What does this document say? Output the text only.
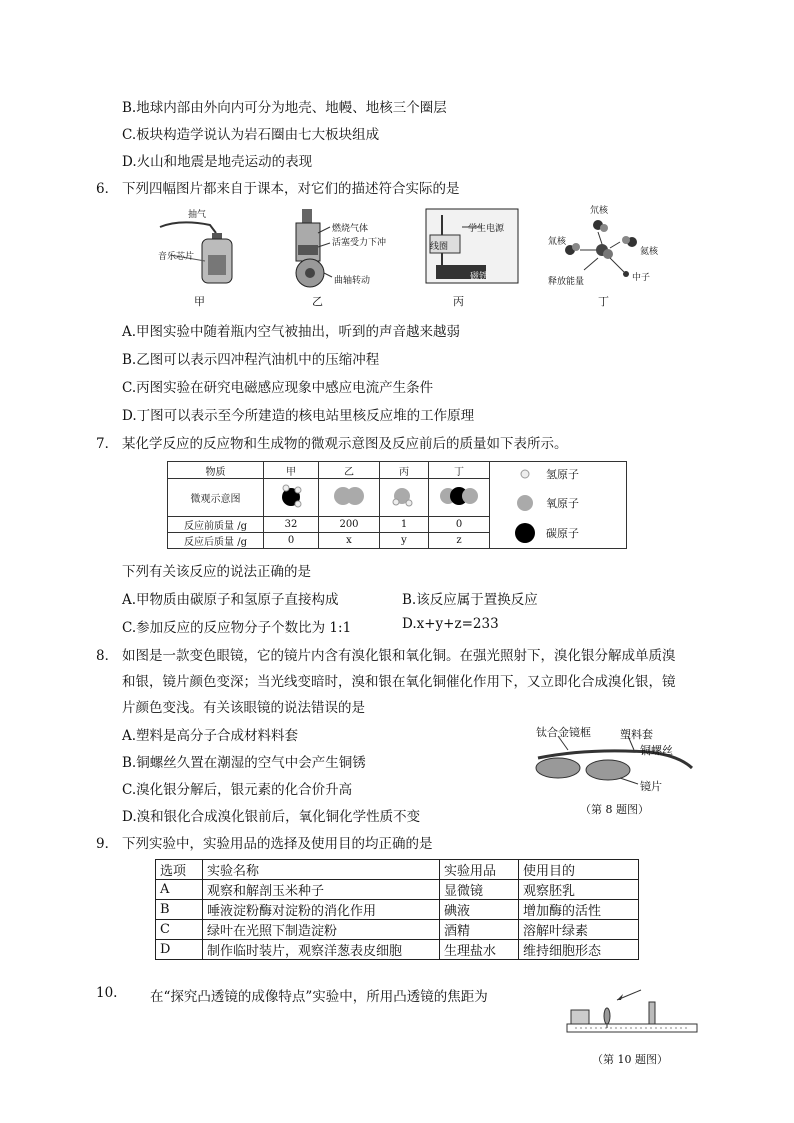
B.地球内部由外向内可分为地壳、地幔、地核三个圈层
C.板块构造学说认为岩石圈由七大板块组成
D.火山和地震是地壳运动的表现
6． 下列四幅图片都来自于课本，对它们的描述符合实际的是
抽气
音乐芯片
甲
燃烧气体
活塞受力下冲
曲轴转动
乙
学生电源
线圈
磁铁
丙
氘核
氚核
氦核
释放能量	中子
丁
A.甲图实验中随着瓶内空气被抽出，听到的声音越来越弱
B.乙图可以表示四冲程汽油机中的压缩冲程
C.丙图实验在研究电磁感应现象中感应电流产生条件
D.丁图可以表示至今所建造的核电站里核反应堆的工作原理
7． 某化学反应的反应物和生成物的微观示意图及反应前后的质量如下表所示。
物质	甲	乙	丙	丁	氢原子
氧原子
碳原子

微观示意图				
反应前质量 /g	32	200	1	0	
反应后质量 /g	0	x	y	z	
下列有关该反应的说法正确的是
A.甲物质由碳原子和氢原子直接构成	B.该反应属于置换反应
C.参加反应的反应物分子个数比为 1:1	D.x+y+z=233
8． 如图是一款变色眼镜，它的镜片内含有溴化银和氧化铜。在强光照射下，溴化银分解成单质溴
和银，镜片颜色变深；当光线变暗时，溴和银在氧化铜催化作用下，又立即化合成溴化银，镜
片颜色变浅。有关该眼镜的说法错误的是
A.塑料是高分子合成材料料套
B.铜螺丝久置在潮湿的空气中会产生铜锈
C.溴化银分解后，银元素的化合价升高
D.溴和银化合成溴化银前后，氧化铜化学性质不变
钛合金镜框	塑料套
铜螺丝
镜片
（第 8 题图）
9． 下列实验中，实验用品的选择及使用目的均正确的是
选项	实验名称	实验用品	使用目的
A	观察和解剖玉米种子	显微镜	观察胚乳
B	唾液淀粉酶对淀粉的消化作用	碘液	增加酶的活性
C	绿叶在光照下制造淀粉	酒精	溶解叶绿素
D	制作临时装片，观察洋葱表皮细胞	生理盐水	维持细胞形态
10. 在“探究凸透镜的成像特点”实验中，所用凸透镜的焦距为
（第 10 题图）
